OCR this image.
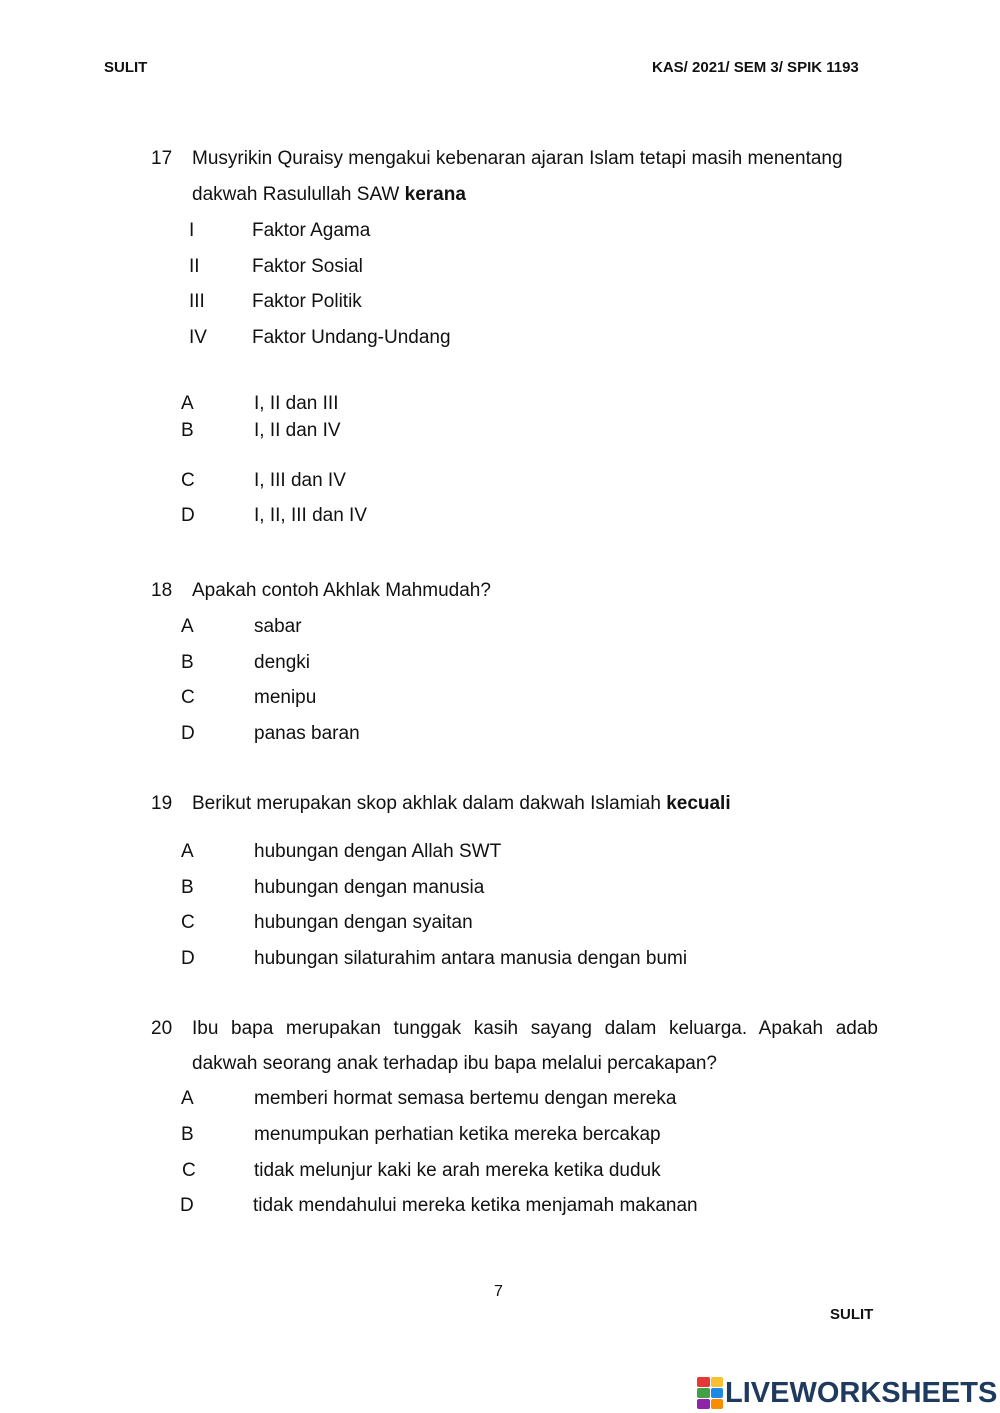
SULIT	KAS/ 2021/ SEM 3/ SPIK 1193
17 Musyrikin Quraisy mengakui kebenaran ajaran Islam tetapi masih menentang
dakwah Rasulullah SAW kerana
I	Faktor Agama
II	Faktor Sosial
III Faktor Politik
IV Faktor Undang-Undang
A	I, II dan III
B	I, II dan IV
C	I, III dan IV
D	I, II, III dan IV
18 Apakah contoh Akhlak Mahmudah?
A	sabar
B	dengki
C	menipu
D	panas baran
19 Berikut merupakan skop akhlak dalam dakwah Islamiah kecuali
A	hubungan dengan Allah SWT
B	hubungan dengan manusia
C	hubungan dengan syaitan
D	hubungan silaturahim antara manusia dengan bumi
20 Ibu bapa merupakan tunggak kasih sayang dalam keluarga. Apakah adab
dakwah seorang anak terhadap ibu bapa melalui percakapan?
A	memberi hormat semasa bertemu dengan mereka
B	menumpukan perhatian ketika mereka bercakap
C	tidak melunjur kaki ke arah mereka ketika duduk
D	tidak mendahului mereka ketika menjamah makanan
7
SULIT
LIVEWORKSHEETS
